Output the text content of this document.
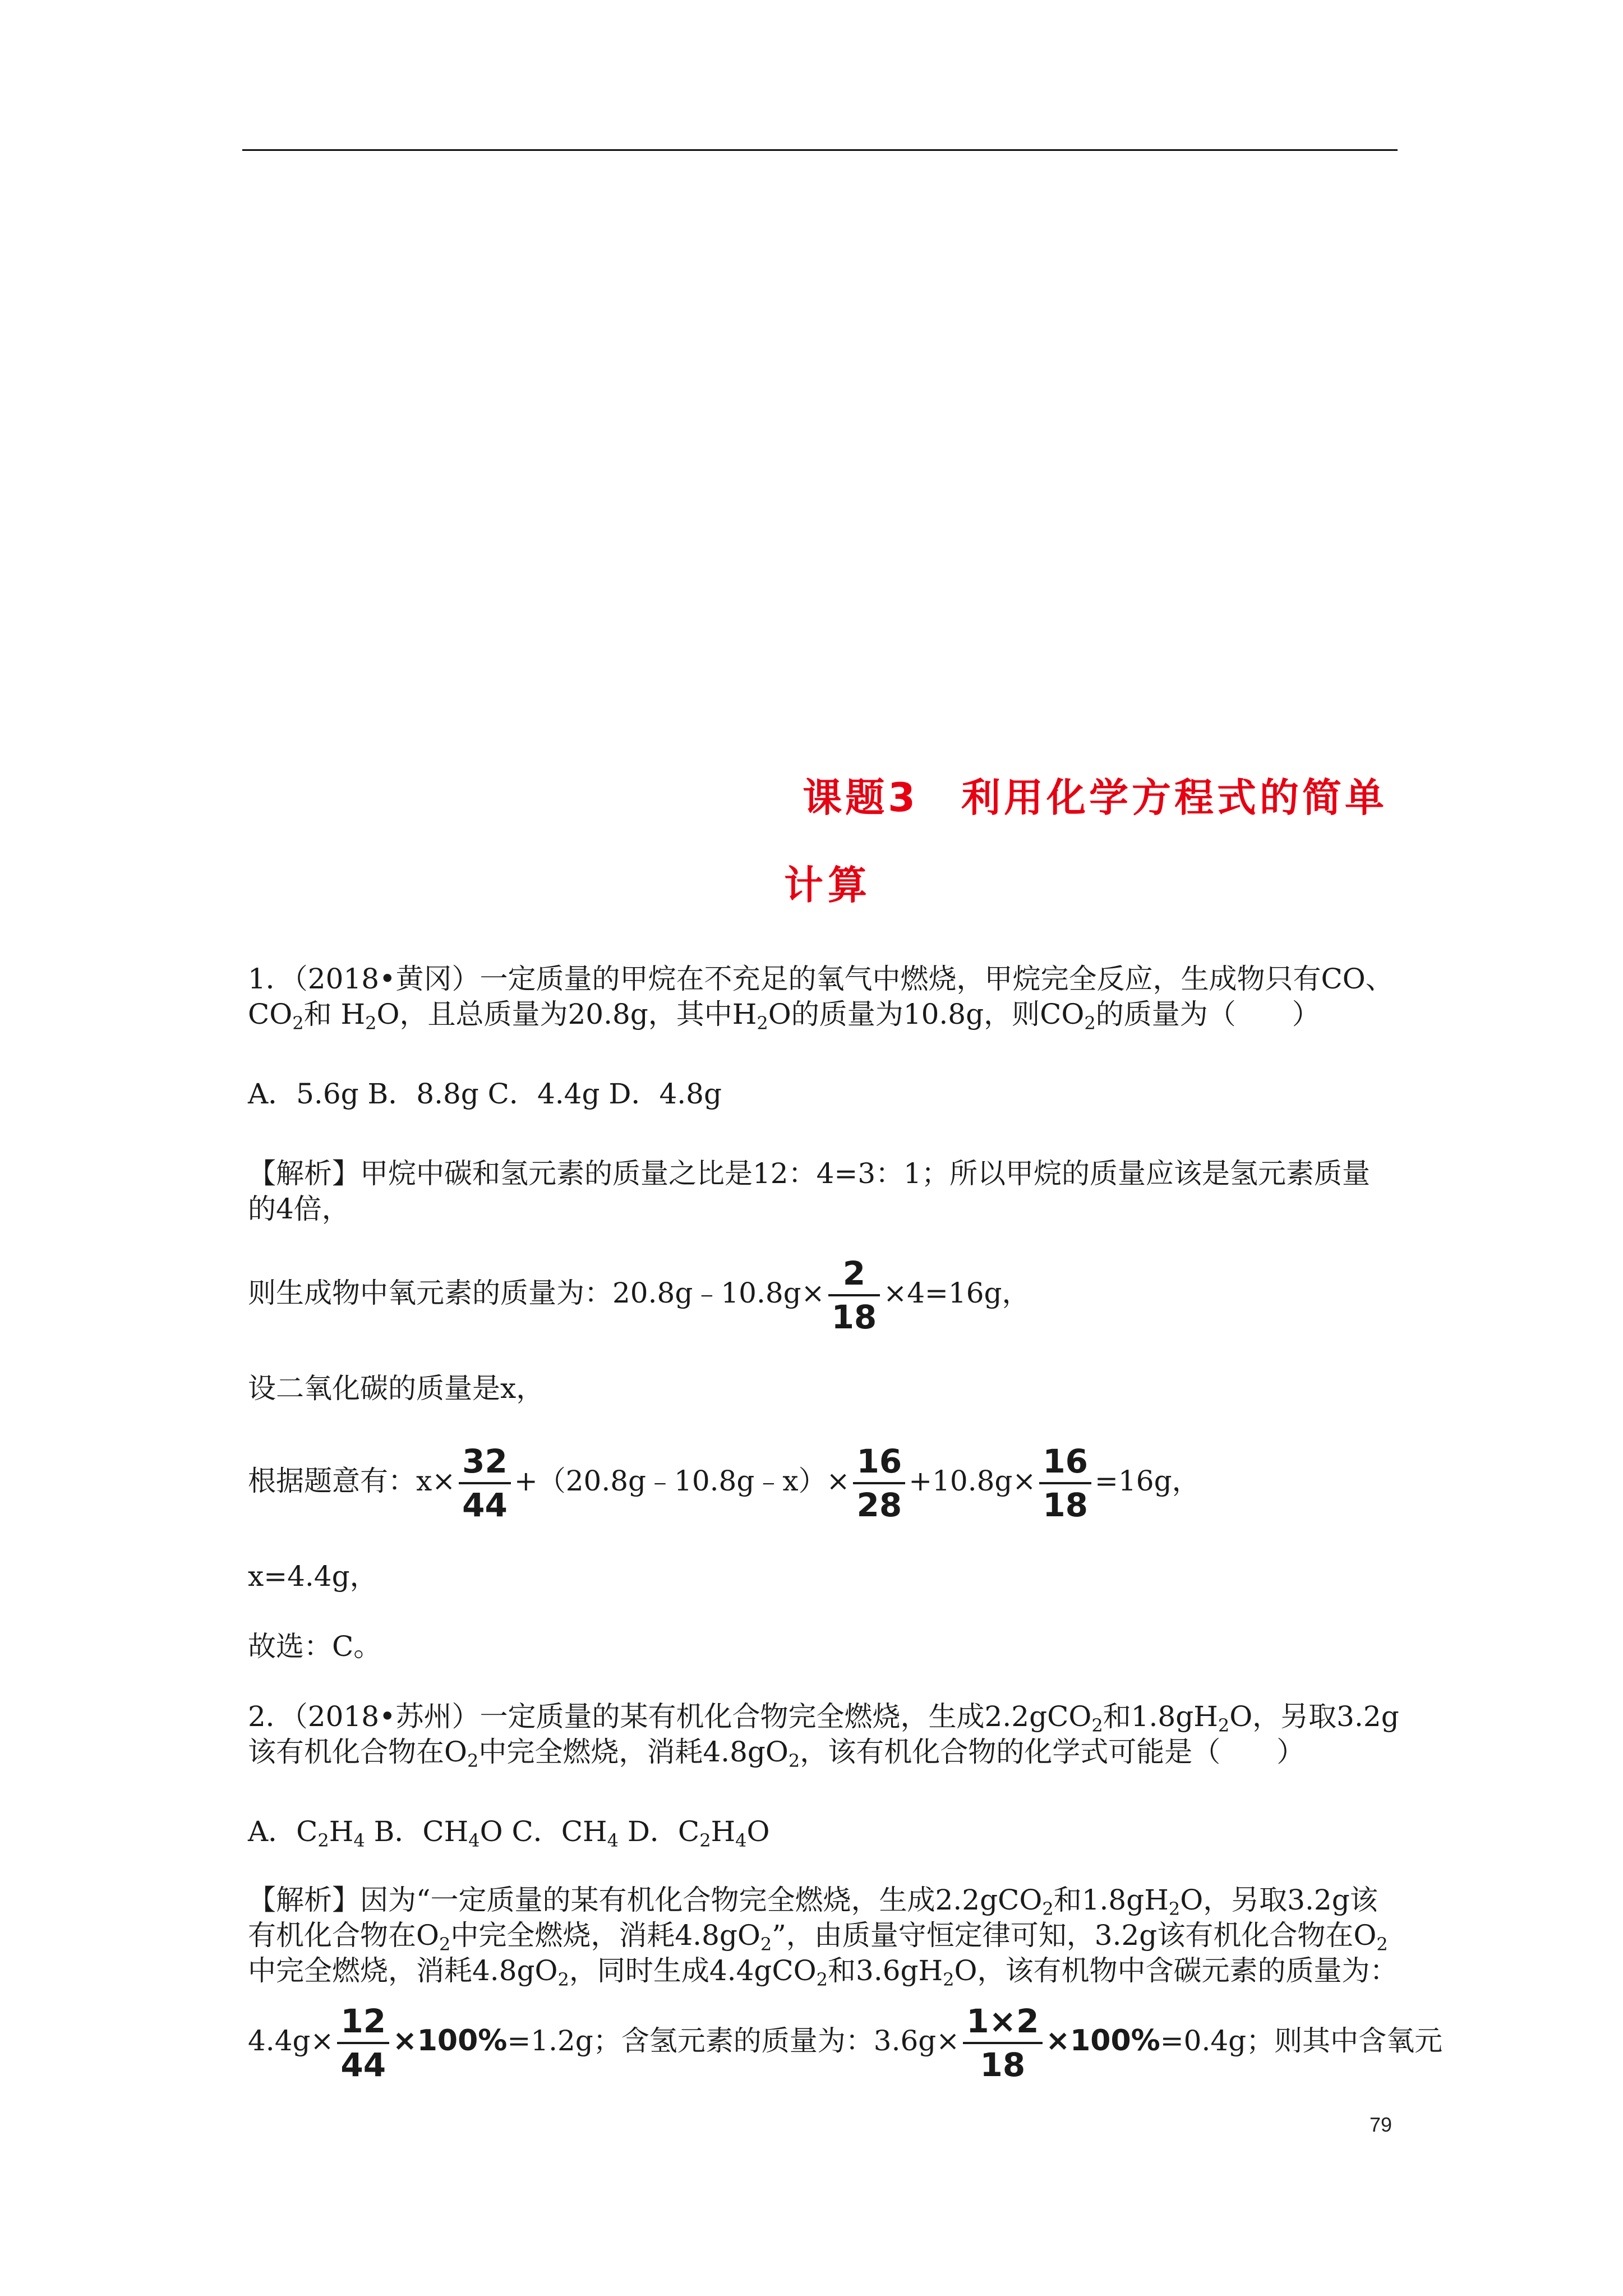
课题3　利用化学方程式的简单
计算
1．（2018•黄冈）一定质量的甲烷在不充足的氧气中燃烧，甲烷完全反应，生成物只有CO、
$CO_2$和 $H_2O$，且总质量为20.8g，其中$H_2O$的质量为10.8g，则$CO_2$的质量为（　　）
A．5.6g B．8.8g C．4.4g D．4.8g
【解析】甲烷中碳和氢元素的质量之比是12：4=3：1；所以甲烷的质量应该是氢元素质量
的4倍，
则生成物中氧元素的质量为：20.8g﹣10.8g× $\frac{2}{18} \times 4=16g$，
设二氧化碳的质量是x，
根据题意有：$x\times \frac{32}{44}$ +（20.8g﹣10.8g﹣x）× $\frac{16}{28} +10.8g\times \frac{16}{18} =16g$，
x=4.4g，
故选：C。
2．（2018•苏州）一定质量的某有机化合物完全燃烧，生成2.2gCO$_2$和$1.8gH_2O$，另取3.2g
该有机化合物在$O_2$中完全燃烧，消耗$4.8gO_2$，该有机化合物的化学式可能是（　　）
A．$C_2H_4$ B．$CH_4O$ C．$CH_4$ D．$C_2H_4O$
【解析】因为“一定质量的某有机化合物完全燃烧，生成2.2gCO$_2$和$1.8gH_2O$，另取3.2g该
有机化合物在$O_2$中完全燃烧，消耗$4.8gO_2$”，由质量守恒定律可知，3.2g该有机化合物在$O_2$
中完全燃烧，消耗$4.8gO_2$，同时生成4.4gCO$_2$和$3.6gH_2O$，该有机物中含碳元素的质量为：
$4.4g\times \frac{12}{44} \times 100\%=1.2g$；含氢元素的质量为：$3.6g\times \frac{1\times 2}{18} \times 100\%=0.4g$；则其中含氧元
79
